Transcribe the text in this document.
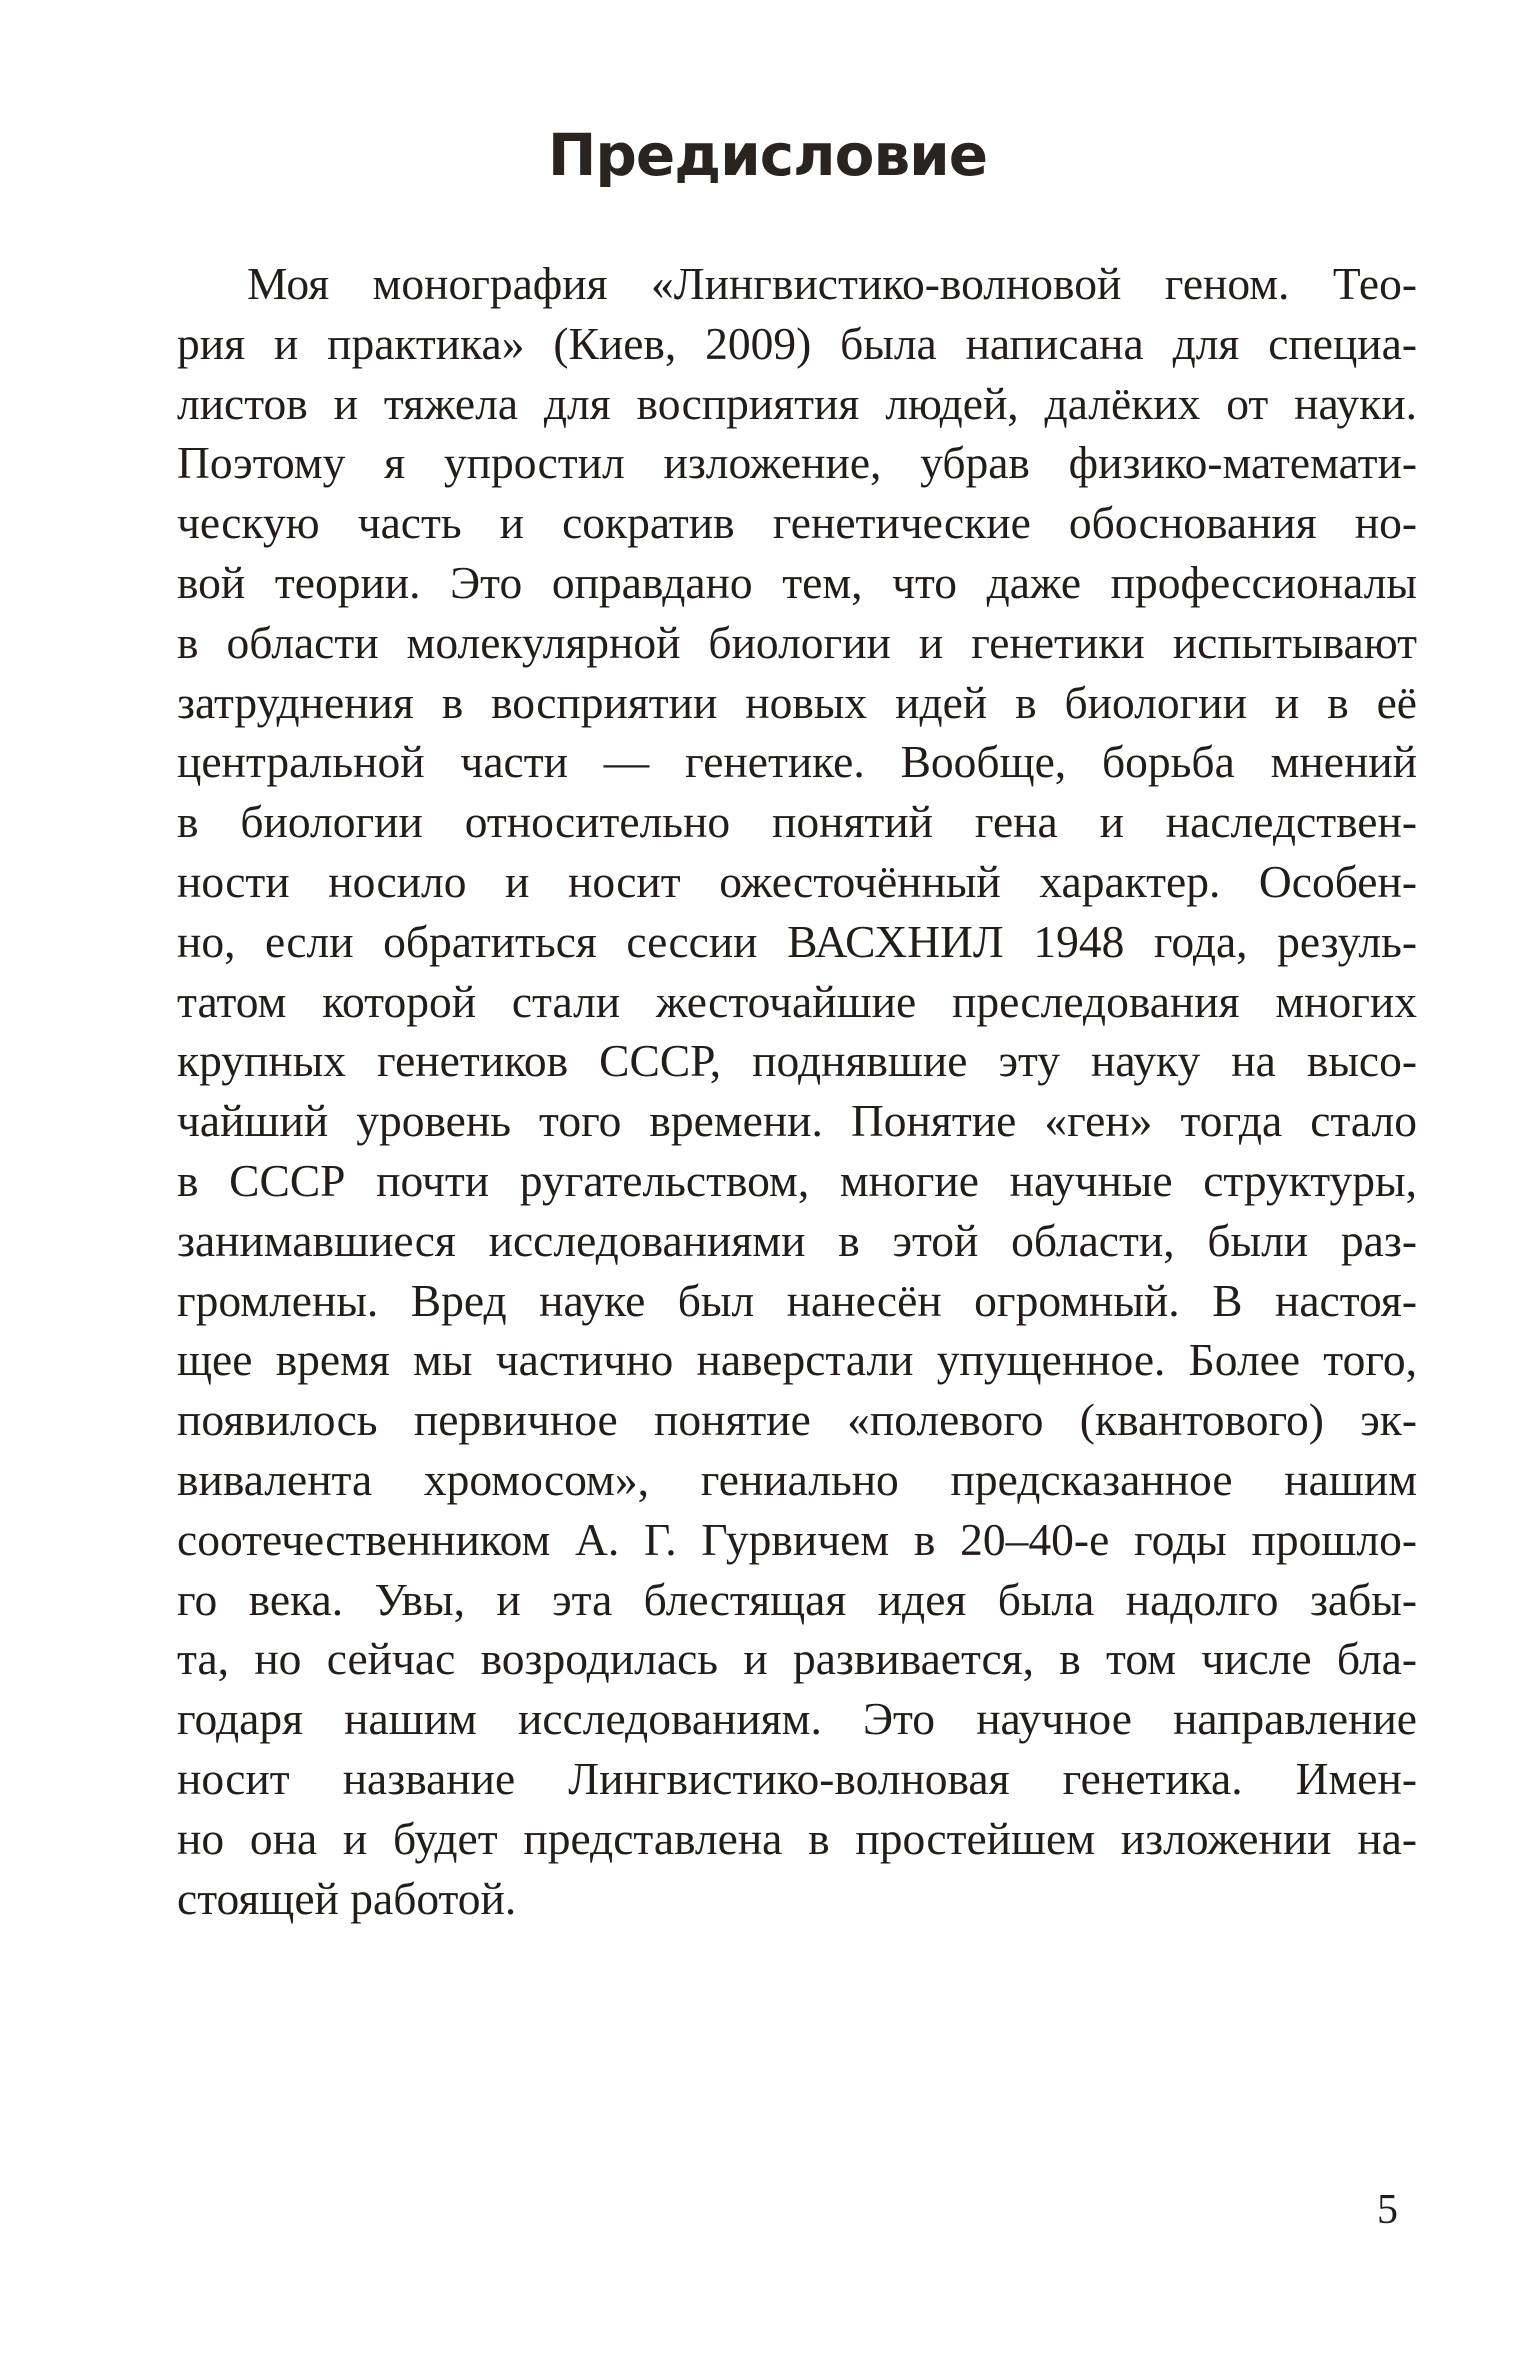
Предисловие
Моя монография «Лингвистико-волновой геном. Тео-
рия и практика» (Киев, 2009) была написана для специа-
листов и тяжела для восприятия людей, далёких от науки.
Поэтому я упростил изложение, убрав физико-математи-
ческую часть и сократив генетические обоснования но-
вой теории. Это оправдано тем, что даже профессионалы
в области молекулярной биологии и генетики испытывают
затруднения в восприятии новых идей в биологии и в её
центральной части — генетике. Вообще, борьба мнений
в биологии относительно понятий гена и наследствен-
ности носило и носит ожесточённый характер. Особен-
но, если обратиться сессии ВАСХНИЛ 1948 года, резуль-
татом которой стали жесточайшие преследования многих
крупных генетиков СССР, поднявшие эту науку на высо-
чайший уровень того времени. Понятие «ген» тогда стало
в СССР почти ругательством, многие научные структуры,
занимавшиеся исследованиями в этой области, были раз-
громлены. Вред науке был нанесён огромный. В настоя-
щее время мы частично наверстали упущенное. Более того,
появилось первичное понятие «полевого (квантового) эк-
вивалента хромосом», гениально предсказанное нашим
соотечественником А. Г. Гурвичем в 20–40-е годы прошло-
го века. Увы, и эта блестящая идея была надолго забы-
та, но сейчас возродилась и развивается, в том числе бла-
годаря нашим исследованиям. Это научное направление
носит название Лингвистико-волновая генетика. Имен-
но она и будет представлена в простейшем изложении на-
стоящей работой.
5
